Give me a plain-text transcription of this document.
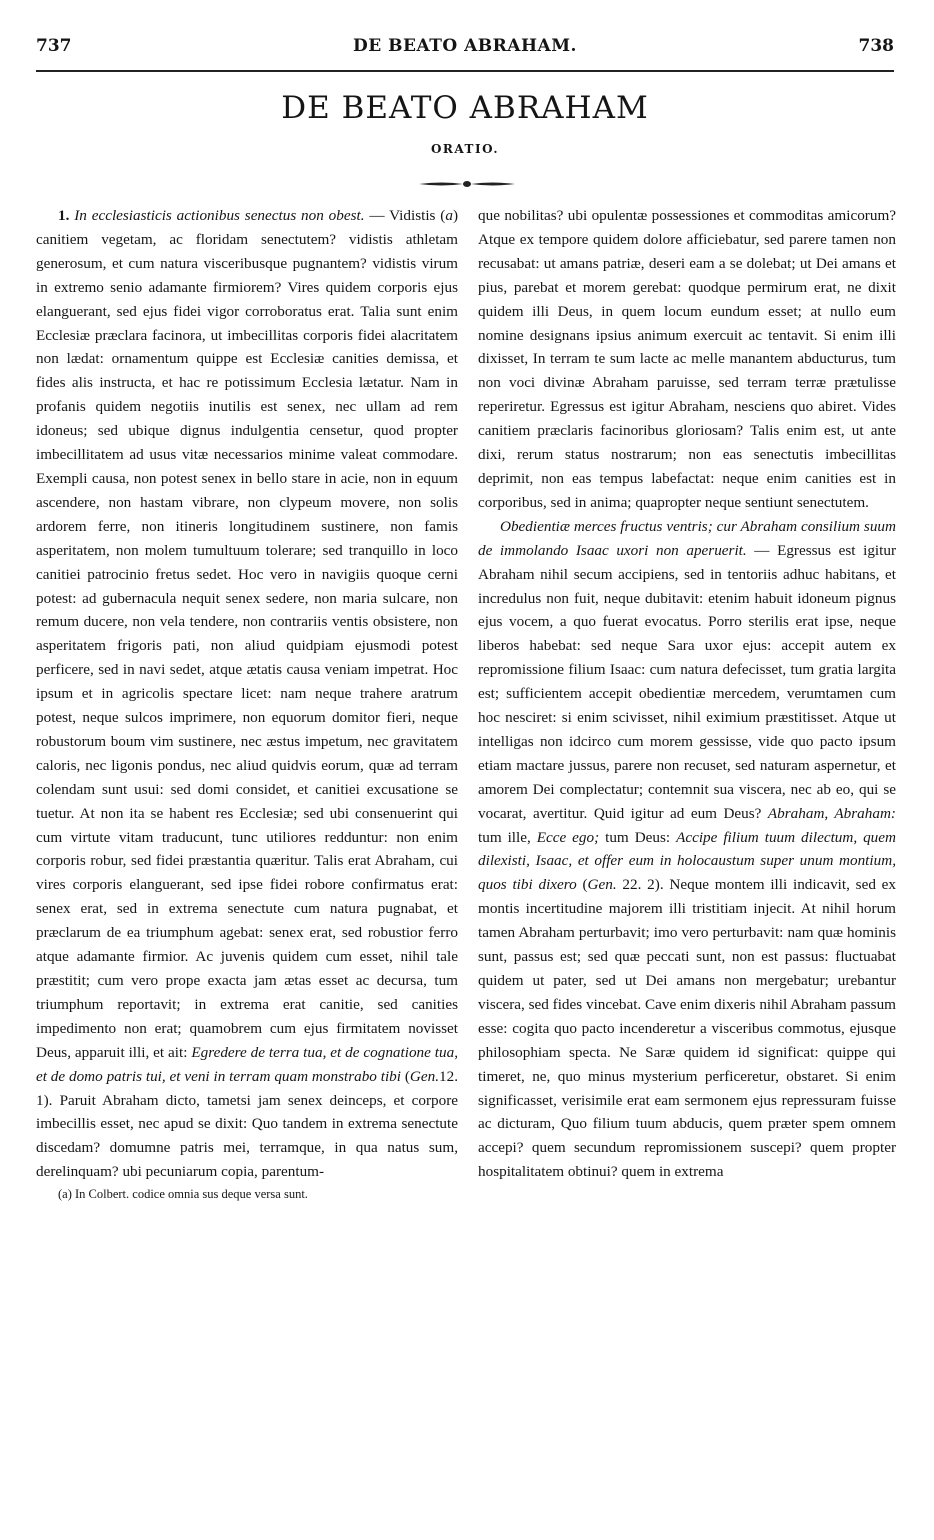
737	DE BEATO ABRAHAM.	738
DE BEATO ABRAHAM
ORATIO.

1. In ecclesiasticis actionibus senectus non obest. — Vidistis (a) canitiem vegetam, ac floridam senectutem? vidistis athletam generosum, et cum natura visceribusque pugnantem? vidistis virum in extremo senio adamante firmiorem? Vires quidem corporis ejus elanguerant, sed ejus fidei vigor corroboratus erat. Talia sunt enim Ecclesiæ præclara facinora, ut imbecillitas corporis fidei alacritatem non lædat: ornamentum quippe est Ecclesiæ canities demissa, et fides alis instructa, et hac re potissimum Ecclesia lætatur. Nam in profanis quidem negotiis inutilis est senex, nec ullam ad rem idoneus; sed ubique dignus indulgentia censetur, quod propter imbecillitatem ad usus vitæ necessarios minime valeat commodare. Exempli causa, non potest senex in bello stare in acie, non in equum ascendere, non hastam vibrare, non clypeum movere, non solis ardorem ferre, non itineris longitudinem sustinere, non famis asperitatem, non molem tumultuum tolerare; sed tranquillo in loco canitiei patrocinio fretus sedet. Hoc vero in navigiis quoque cerni potest: ad gubernacula nequit senex sedere, non maria sulcare, non remum ducere, non vela tendere, non contrariis ventis obsistere, non asperitatem frigoris pati, non aliud quidpiam ejusmodi potest perficere, sed in navi sedet, atque ætatis causa veniam impetrat. Hoc ipsum et in agricolis spectare licet: nam neque trahere aratrum potest, neque sulcos imprimere, non equorum domitor fieri, neque robustorum boum vim sustinere, nec æstus impetum, nec gravitatem caloris, nec ligonis pondus, nec aliud quidvis eorum, quæ ad terram colendam sunt usui: sed domi considet, et canitiei excusatione se tuetur. At non ita se habent res Ecclesiæ; sed ubi consenuerint qui cum virtute vitam traducunt, tunc utiliores redduntur: non enim corporis robur, sed fidei præstantia quæritur. Talis erat Abraham, cui vires corporis elanguerant, sed ipse fidei robore confirmatus erat: senex erat, sed in extrema senectute cum natura pugnabat, et præclarum de ea triumphum agebat: senex erat, sed robustior ferro atque adamante firmior. Ac juvenis quidem cum esset, nihil tale præstitit; cum vero prope exacta jam ætas esset ac decursa, tum triumphum reportavit; in extrema erat canitie, sed canities impedimento non erat; quamobrem cum ejus firmitatem novisset Deus, apparuit illi, et ait: Egredere de terra tua, et de cognatione tua, et de domo patris tui, et veni in terram quam monstrabo tibi (Gen.12. 1). Paruit Abraham dicto, tametsi jam senex deinceps, et corpore imbecillis esset, nec apud se dixit: Quo tandem in extrema senectute discedam? domumne patris mei, terramque, in qua natus sum, derelinquam? ubi pecuniarum copia, parentum-

(a) In Colbert. codice omnia sus deque versa sunt.

que nobilitas? ubi opulentæ possessiones et commoditas amicorum? Atque ex tempore quidem dolore afficiebatur, sed parere tamen non recusabat: ut amans patriæ, deseri eam a se dolebat; ut Dei amans et pius, parebat et morem gerebat: quodque permirum erat, ne dixit quidem illi Deus, in quem locum eundum esset; at nullo eum nomine designans ipsius animum exercuit ac tentavit. Si enim illi dixisset, In terram te sum lacte ac melle manantem abducturus, tum non voci divinæ Abraham paruisse, sed terram terræ prætulisse reperiretur. Egressus est igitur Abraham, nesciens quo abiret. Vides canitiem præclaris facinoribus gloriosam? Talis enim est, ut ante dixi, rerum status nostrarum; non eas senectutis imbecillitas deprimit, non eas tempus labefactat: neque enim canities est in corporibus, sed in anima; quapropter neque sentiunt senectutem.

Obedientiæ merces fructus ventris; cur Abraham consilium suum de immolando Isaac uxori non aperuerit. — Egressus est igitur Abraham nihil secum accipiens, sed in tentoriis adhuc habitans, et incredulus non fuit, neque dubitavit: etenim habuit idoneum pignus ejus vocem, a quo fuerat evocatus. Porro sterilis erat ipse, neque liberos habebat: sed neque Sara uxor ejus: accepit autem ex repromissione filium Isaac: cum natura defecisset, tum gratia largita est; sufficientem accepit obedientiæ mercedem, verumtamen cum hoc nesciret: si enim scivisset, nihil eximium præstitisset. Atque ut intelligas non idcirco cum morem gessisse, vide quo pacto ipsum etiam mactare jussus, parere non recuset, sed naturam aspernetur, et amorem Dei complectatur; contemnit sua viscera, nec ab eo, qui se vocarat, avertitur. Quid igitur ad eum Deus? Abraham, Abraham: tum ille, Ecce ego; tum Deus: Accipe filium tuum dilectum, quem dilexisti, Isaac, et offer eum in holocaustum super unum montium, quos tibi dixero (Gen. 22. 2). Neque montem illi indicavit, sed ex montis incertitudine majorem illi tristitiam injecit. At nihil horum tamen Abraham perturbavit; imo vero perturbavit: nam quæ hominis sunt, passus est; sed quæ peccati sunt, non est passus: fluctuabat quidem ut pater, sed ut Dei amans non mergebatur; urebantur viscera, sed fides vincebat. Cave enim dixeris nihil Abraham passum esse: cogita quo pacto incenderetur a visceribus commotus, ejusque philosophiam specta. Ne Saræ quidem id significat: quippe qui timeret, ne, quo minus mysterium perficeretur, obstaret. Si enim significasset, verisimile erat eam sermonem ejus repressuram fuisse ac dicturam, Quo filium tuum abducis, quem præter spem omnem accepi? quem secundum repromissionem suscepi? quem propter hospitalitatem obtinui? quem in extrema
